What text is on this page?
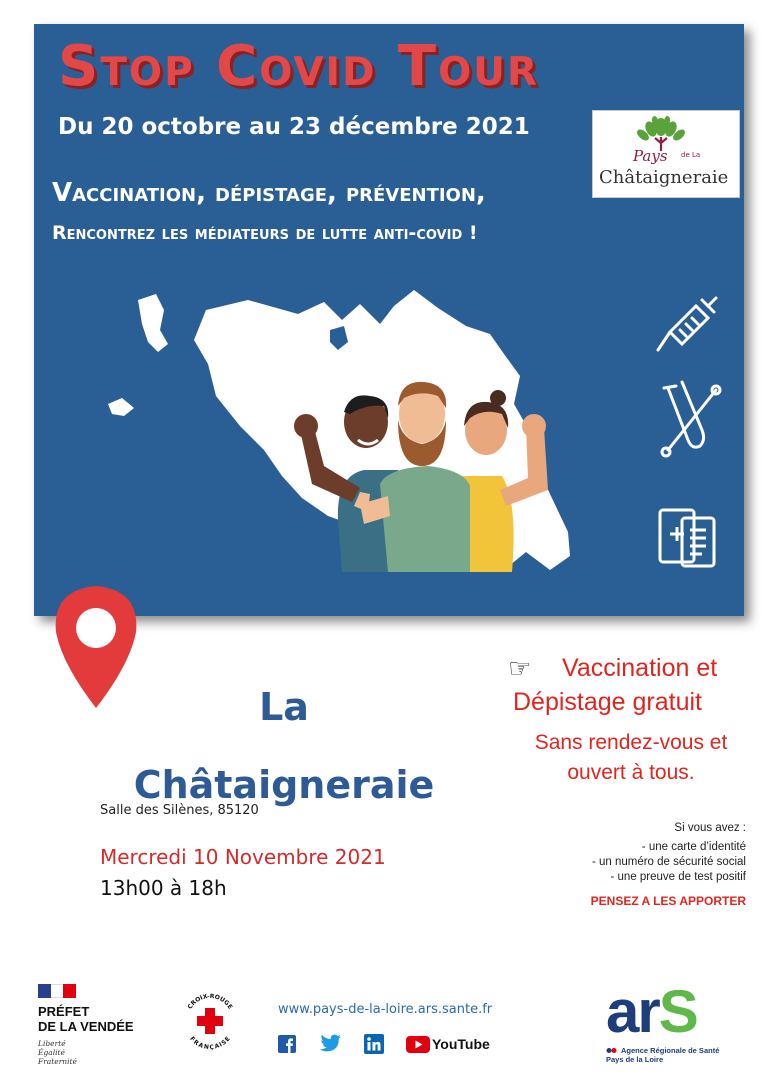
Stop Covid Tour
Du 20 octobre au 23 décembre 2021
Vaccination, dépistage, prévention,
Rencontrez les médiateurs de lutte anti-covid !
Pays de La
Châtaigneraie
La
Châtaigneraie
Salle des Silènes, 85120
Mercredi 10 Novembre 2021
13h00 à 18h
☞ Vaccination et
Dépistage gratuit
Sans rendez-vous et
ouvert à tous.
Si vous avez :
- une carte d’identité
- un numéro de sécurité social
- une preuve de test positif
PENSEZ A LES APPORTER
PRÉFET
DE LA VENDÉE
Liberté
Égalité
Fraternité
CROIX-ROUGE
FRANÇAISE
www.pays-de-la-loire.ars.sante.fr
YouTube arS
Agence Régionale de Santé
Pays de la Loire
